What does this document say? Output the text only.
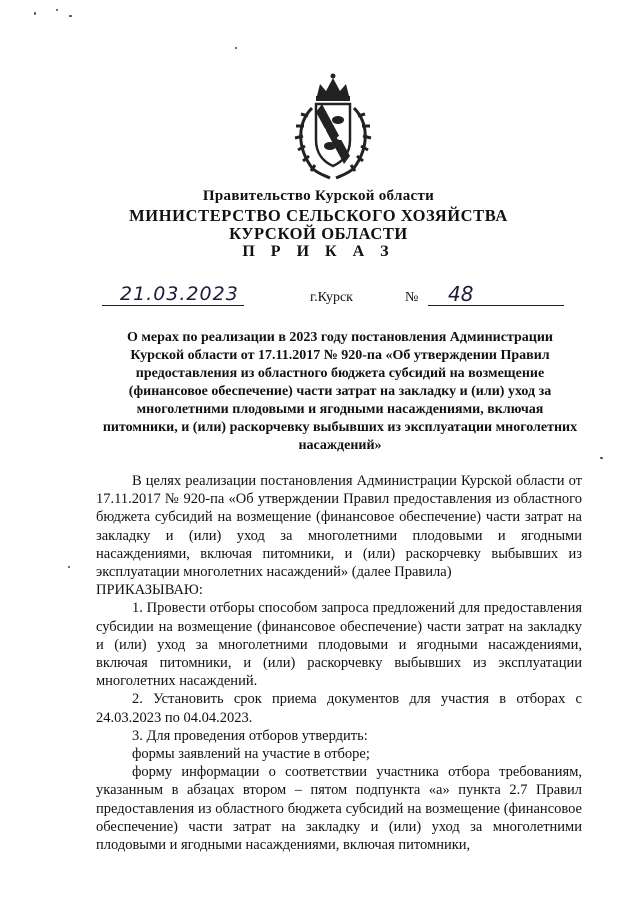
Правительство Курской области
МИНИСТЕРСТВО СЕЛЬСКОГО ХОЗЯЙСТВА
КУРСКОЙ ОБЛАСТИ
П Р И К А З
21.03.2023	г.Курск	№ 48
О мерах по реализации в 2023 году постановления Администрации Курской области от 17.11.2017 № 920-па «Об утверждении Правил предоставления из областного бюджета субсидий на возмещение (финансовое обеспечение) части затрат на закладку и (или) уход за многолетними плодовыми и ягодными насаждениями, включая питомники, и (или) раскорчевку выбывших из эксплуатации многолетних насаждений»

В целях реализации постановления Администрации Курской области от 17.11.2017 № 920-па «Об утверждении Правил предоставления из областного бюджета субсидий на возмещение (финансовое обеспечение) части затрат на закладку и (или) уход за многолетними плодовыми и ягодными насаждениями, включая питомники, и (или) раскорчевку выбывших из эксплуатации многолетних насаждений» (далее Правила)

ПРИКАЗЫВАЮ:

1. Провести отборы способом запроса предложений для предоставления субсидии на возмещение (финансовое обеспечение) части затрат на закладку и (или) уход за многолетними плодовыми и ягодными насаждениями, включая питомники, и (или) раскорчевку выбывших из эксплуатации многолетних насаждений.

2. Установить срок приема документов для участия в отборах с 24.03.2023 по 04.04.2023.

3. Для проведения отборов утвердить:

формы заявлений на участие в отборе;

форму информации о соответствии участника отбора требованиям, указанным в абзацах втором – пятом подпункта «а» пункта 2.7 Правил предоставления из областного бюджета субсидий на возмещение (финансовое обеспечение) части затрат на закладку и (или) уход за многолетними плодовыми и ягодными насаждениями, включая питомники,
